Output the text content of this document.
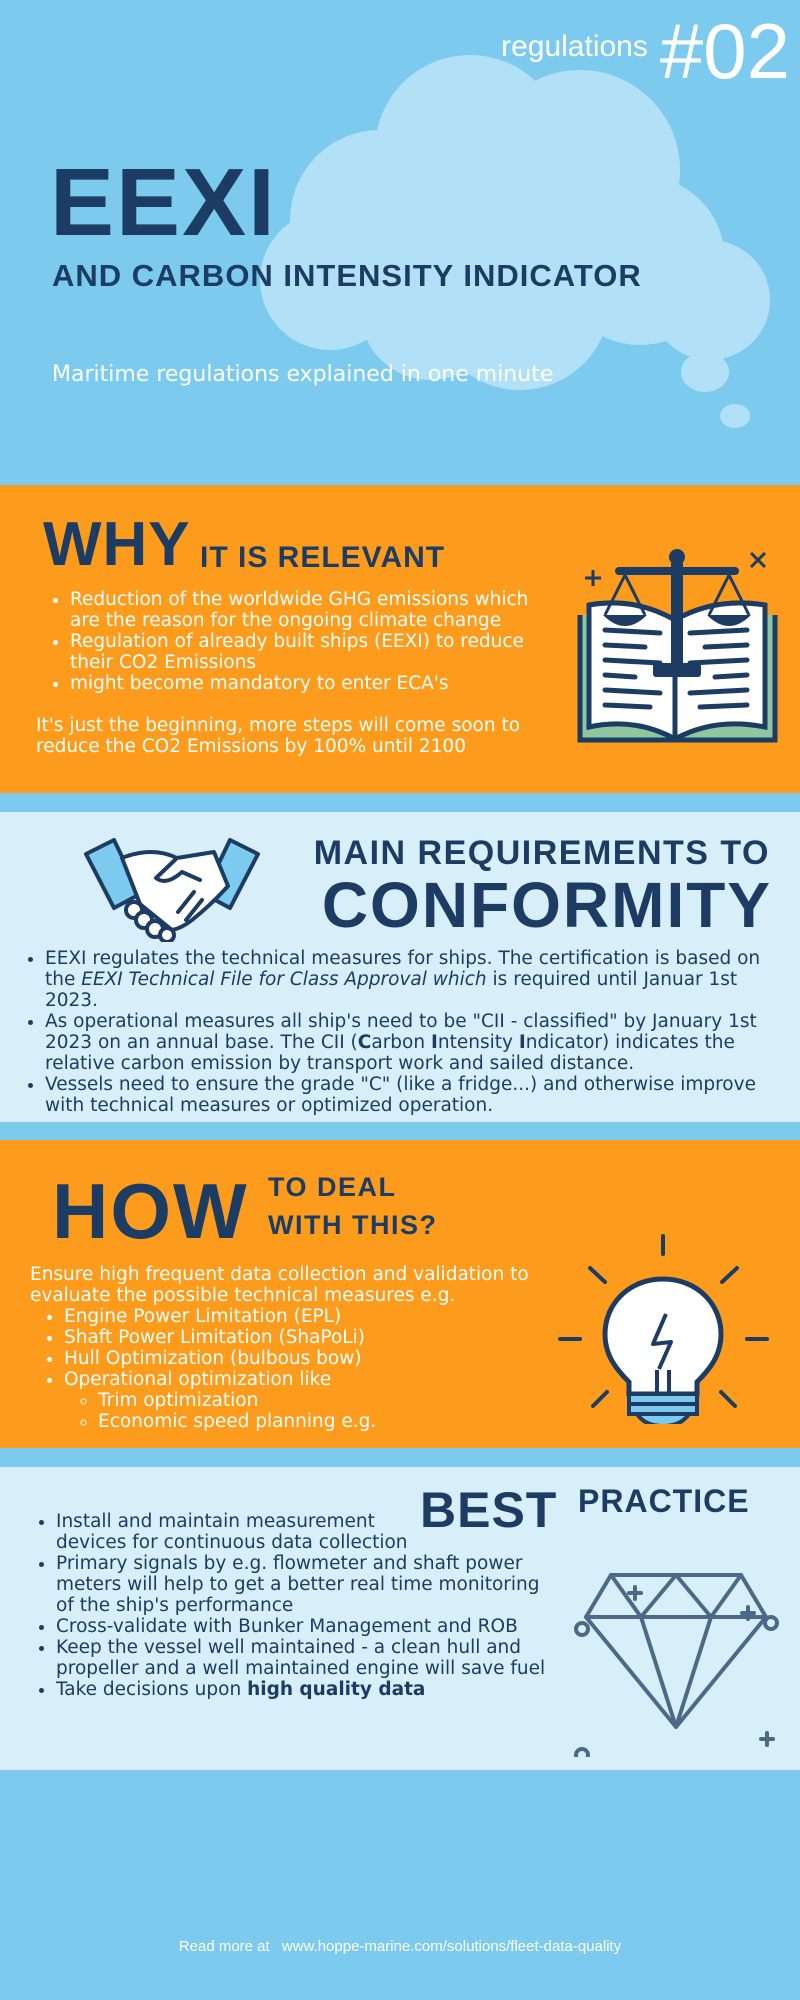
regulations #02
EEXI
AND CARBON INTENSITY INDICATOR
Maritime regulations explained in one minute
WHY IT IS RELEVANT
• Reduction of the worldwide GHG emissions which are the reason for the ongoing climate change
• Regulation of already built ships (EEXI) to reduce their CO2 Emissions
• might become mandatory to enter ECA's
It's just the beginning, more steps will come soon to reduce the CO2 Emissions by 100% until 2100
MAIN REQUIREMENTS TO
CONFORMITY
• EEXI regulates the technical measures for ships. The certification is based on the EEXI Technical File for Class Approval which is required until Januar 1st 2023.
• As operational measures all ship's need to be "CII - classified" by January 1st 2023 on an annual base. The CII (Carbon Intensity Indicator) indicates the relative carbon emission by transport work and sailed distance.
• Vessels need to ensure the grade "C" (like a fridge...) and otherwise improve with technical measures or optimized operation.
HOW TO DEAL
WITH THIS?
Ensure high frequent data collection and validation to evaluate the possible technical measures e.g.
• Engine Power Limitation (EPL)
• Shaft Power Limitation (ShaPoLi)
• Hull Optimization (bulbous bow)
• Operational optimization like
◦ Trim optimization
◦ Economic speed planning e.g.
BEST PRACTICE
• Install and maintain measurement devices for continuous data collection
• Primary signals by e.g. flowmeter and shaft power meters will help to get a better real time monitoring of the ship's performance
• Cross-validate with Bunker Management and ROB
• Keep the vessel well maintained - a clean hull and propeller and a well maintained engine will save fuel
• Take decisions upon high quality data
Read more at www.hoppe-marine.com/solutions/fleet-data-quality
